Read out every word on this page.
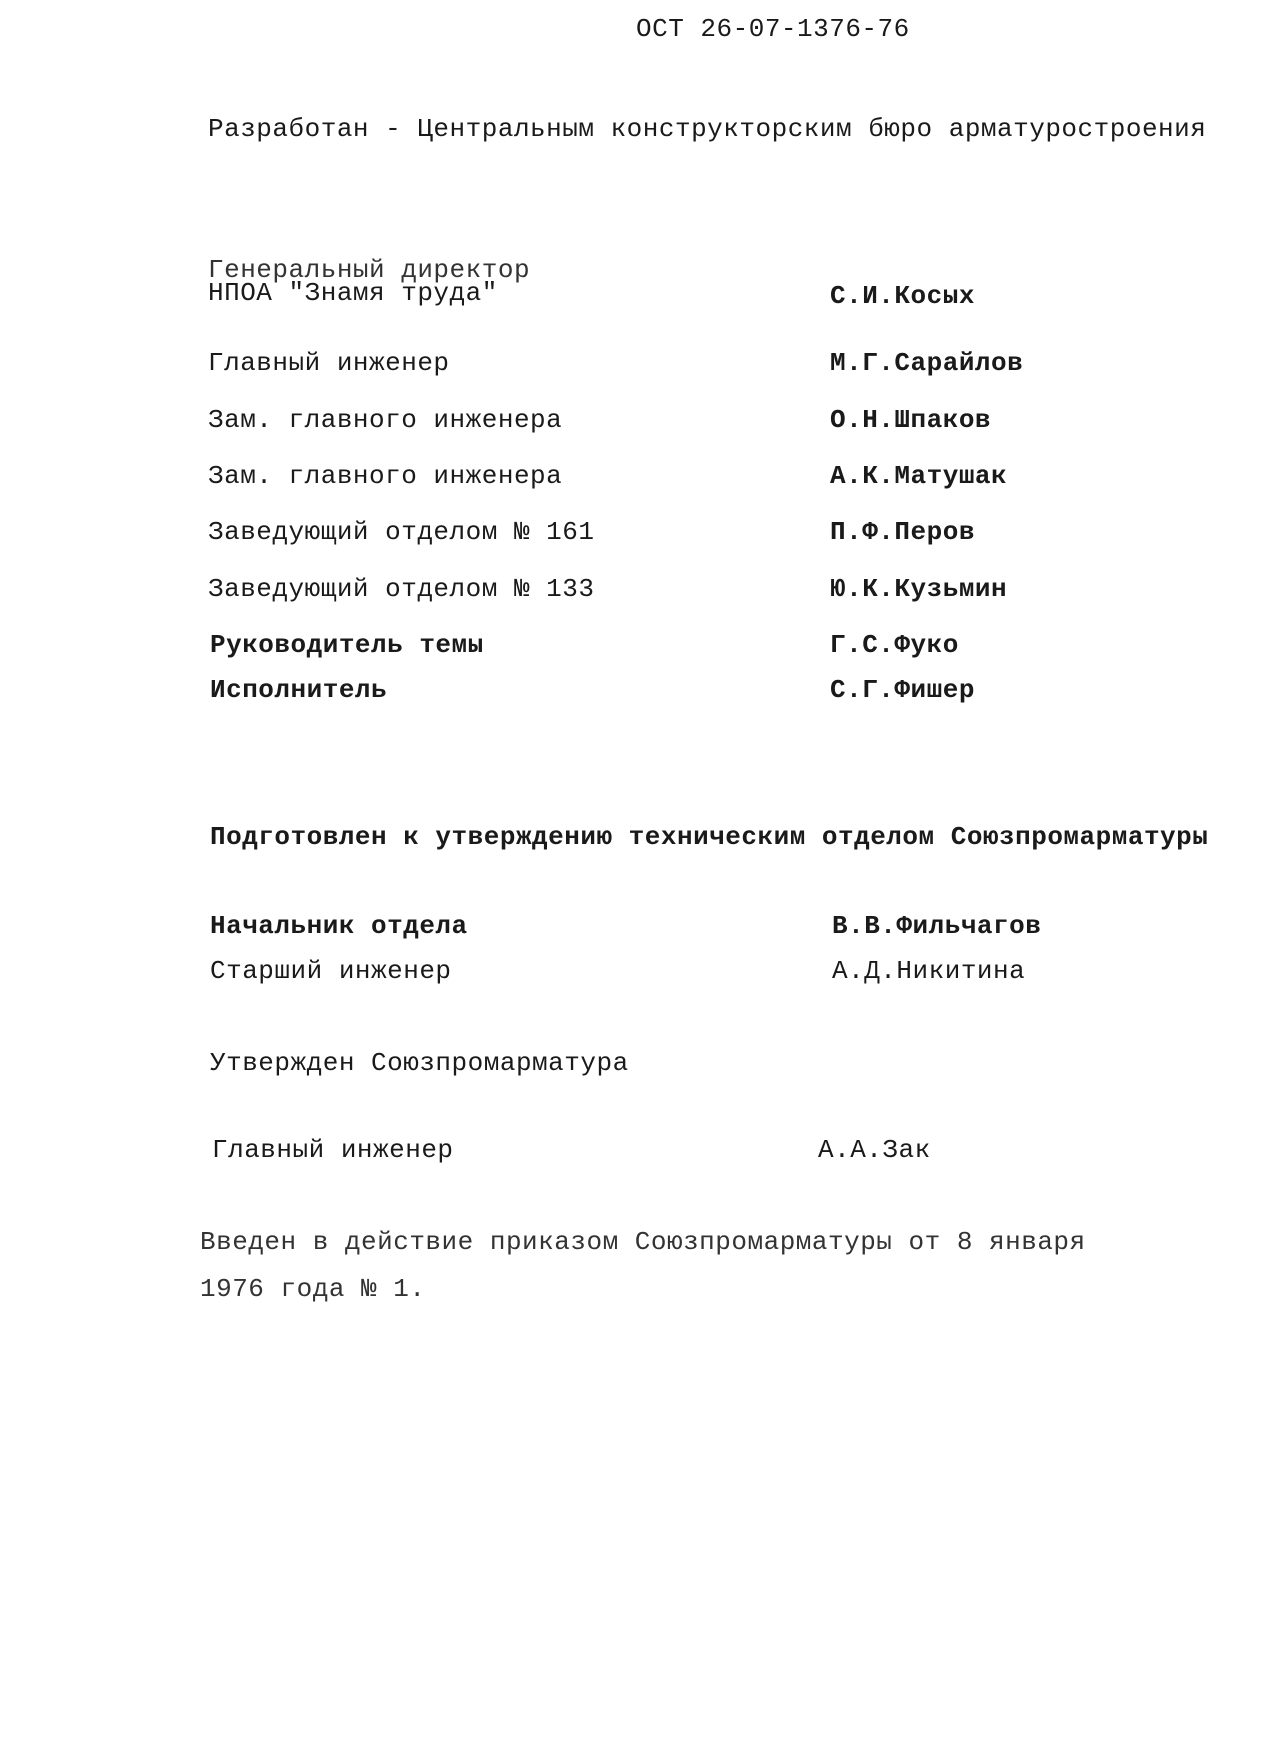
ОСТ 26-07-1376-76
Разработан - Центральным конструкторским бюро арматуростроения
Генеральный директор
НПОА "Знамя труда"	С.И.Косых
Главный инженер	М.Г.Сарайлов
Зам. главного инженера	О.Н.Шпаков
Зам. главного инженера	А.К.Матушак
Заведующий отделом № 161	П.Ф.Перов
Заведующий отделом № 133	Ю.К.Кузьмин
Руководитель темы	Г.С.Фуко
Исполнитель	С.Г.Фишер
Подготовлен к утверждению техническим отделом Союзпромарматуры
Начальник отдела	В.В.Фильчагов
Старший инженер	А.Д.Никитина
Утвержден Союзпромарматура
Главный инженер	А.А.Зак
Введен в действие приказом Союзпромарматуры от 8 января
1976 года № 1.
